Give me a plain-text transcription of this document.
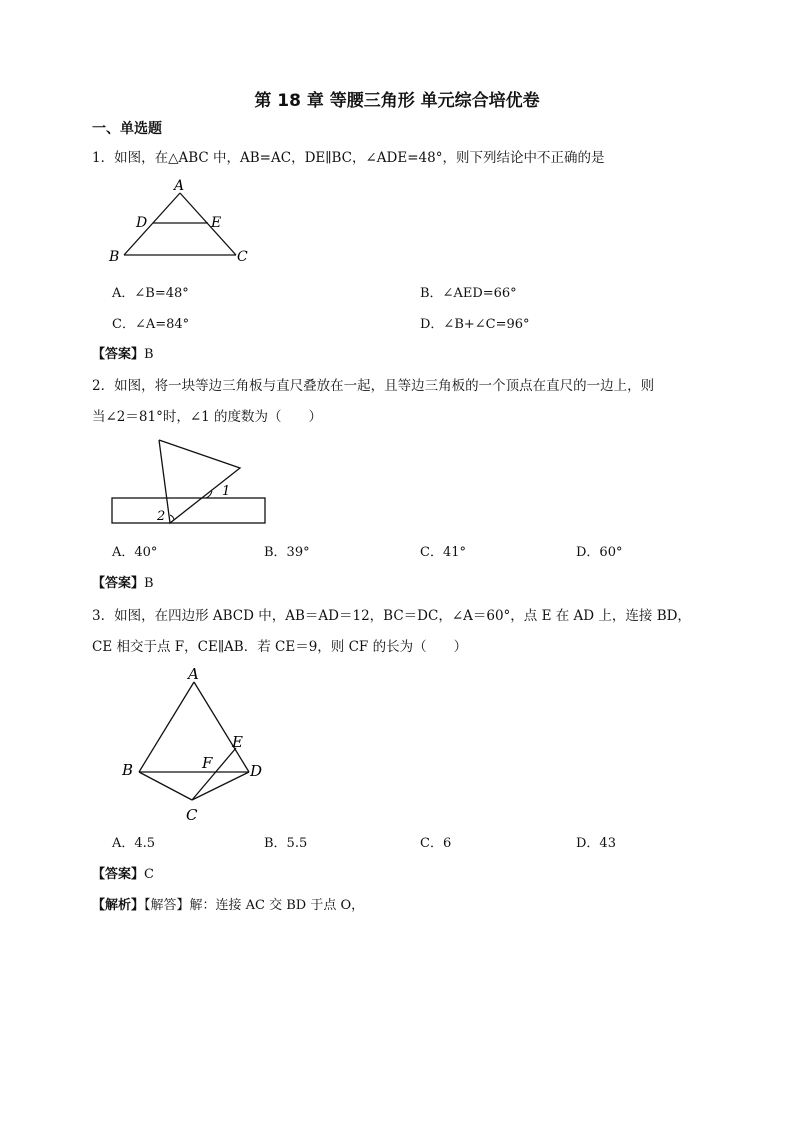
第 18 章 等腰三角形 单元综合培优卷
一、单选题
1．如图，在△ABC 中，AB=AC，DE∥BC，∠ADE=48°，则下列结论中不正确的是
A
D	E
B	C
A．∠B=48°	B．∠AED=66°
C．∠A=84°	D．∠B+∠C=96°
【答案】B
2．如图，将一块等边三角板与直尺叠放在一起，且等边三角板的一个顶点在直尺的一边上，则
当∠2＝81°时，∠1 的度数为（　　）
1
2
A．40°	B．39°	C．41°	D．60°
【答案】B
3．如图，在四边形 ABCD 中，AB＝AD＝12，BC＝DC，∠A＝60°，点 E 在 AD 上，连接 BD，
CE 相交于点 F，CE∥AB．若 CE＝9，则 CF 的长为（　　）
A
E
F
B	D
C
A．4.5	B．5.5	C．6	D．43
【答案】C
【解析】【解答】解：连接 AC 交 BD 于点 O，
